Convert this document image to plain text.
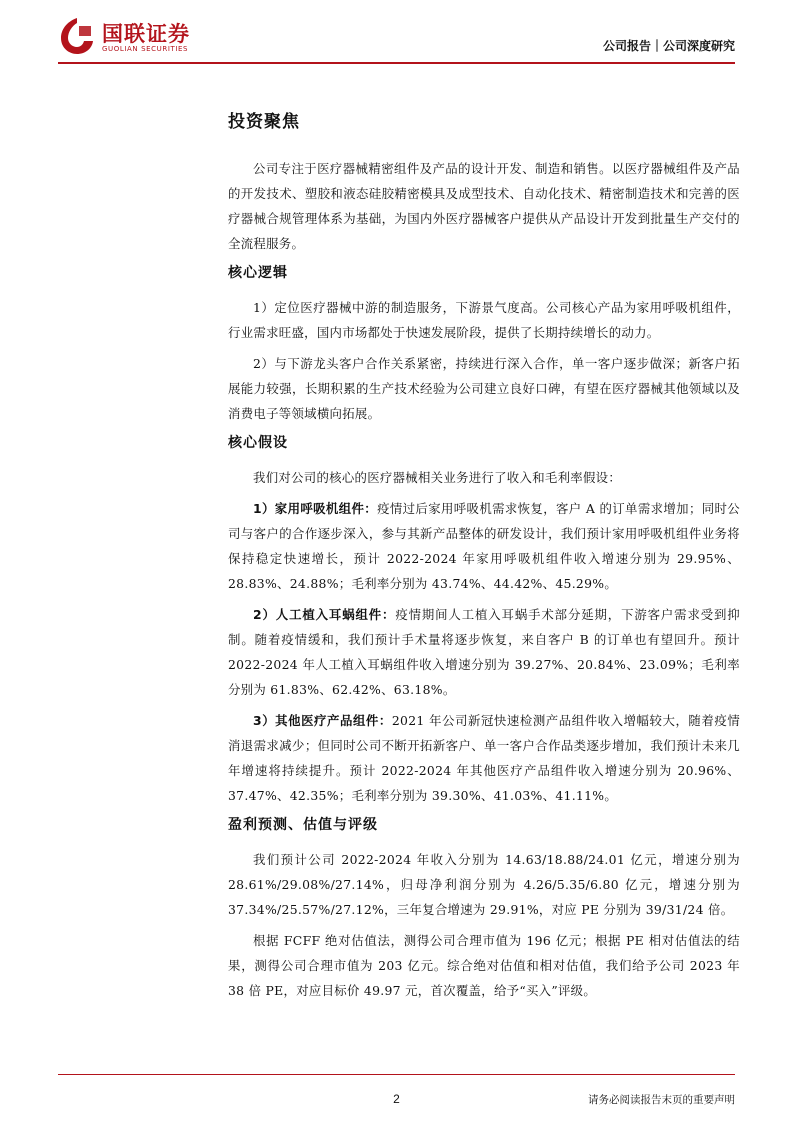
国联证券
GUOLIAN SECURITIES	公司报告｜公司深度研究
投资聚焦

公司专注于医疗器械精密组件及产品的设计开发、制造和销售。以医疗器械组件及产品的开发技术、塑胶和液态硅胶精密模具及成型技术、自动化技术、精密制造技术和完善的医疗器械合规管理体系为基础，为国内外医疗器械客户提供从产品设计开发到批量生产交付的全流程服务。

核心逻辑

1）定位医疗器械中游的制造服务，下游景气度高。公司核心产品为家用呼吸机组件，行业需求旺盛，国内市场都处于快速发展阶段，提供了长期持续增长的动力。

2）与下游龙头客户合作关系紧密，持续进行深入合作，单一客户逐步做深；新客户拓展能力较强，长期积累的生产技术经验为公司建立良好口碑，有望在医疗器械其他领域以及消费电子等领域横向拓展。

核心假设

我们对公司的核心的医疗器械相关业务进行了收入和毛利率假设：

1）家用呼吸机组件：疫情过后家用呼吸机需求恢复，客户 A 的订单需求增加；同时公司与客户的合作逐步深入，参与其新产品整体的研发设计，我们预计家用呼吸机组件业务将保持稳定快速增长，预计 2022-2024 年家用呼吸机组件收入增速分别为 29.95%、28.83%、24.88%；毛利率分别为 43.74%、44.42%、45.29%。

2）人工植入耳蜗组件：疫情期间人工植入耳蜗手术部分延期，下游客户需求受到抑制。随着疫情缓和，我们预计手术量将逐步恢复，来自客户 B 的订单也有望回升。预计 2022-2024 年人工植入耳蜗组件收入增速分别为 39.27%、20.84%、23.09%；毛利率分别为 61.83%、62.42%、63.18%。

3）其他医疗产品组件：2021 年公司新冠快速检测产品组件收入增幅较大，随着疫情消退需求减少；但同时公司不断开拓新客户、单一客户合作品类逐步增加，我们预计未来几年增速将持续提升。预计 2022-2024 年其他医疗产品组件收入增速分别为 20.96%、37.47%、42.35%；毛利率分别为 39.30%、41.03%、41.11%。

盈利预测、估值与评级

我们预计公司 2022-2024 年收入分别为 14.63/18.88/24.01 亿元，增速分别为 28.61%/29.08%/27.14%，归母净利润分别为 4.26/5.35/6.80 亿元，增速分别为 37.34%/25.57%/27.12%，三年复合增速为 29.91%，对应 PE 分别为 39/31/24 倍。

根据 FCFF 绝对估值法，测得公司合理市值为 196 亿元；根据 PE 相对估值法的结果，测得公司合理市值为 203 亿元。综合绝对估值和相对估值，我们给予公司 2023 年 38 倍 PE，对应目标价 49.97 元，首次覆盖，给予“买入”评级。

2	请务必阅读报告末页的重要声明
